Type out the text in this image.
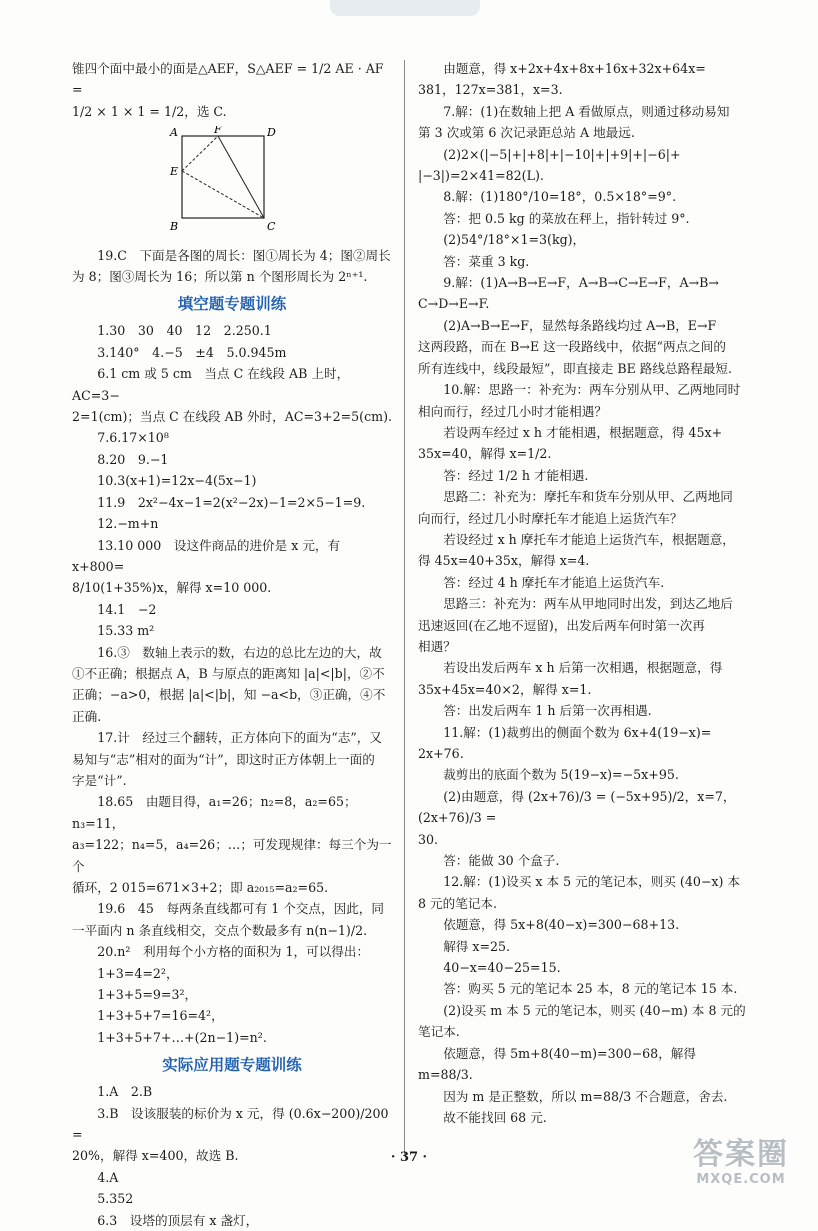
锥四个面中最小的面是△AEF，S△AEF = 1/2 AE · AF =

1/2 × 1 × 1 = 1/2，选 C.

A	F	D
E
B	C

19.C　下面是各图的周长：图①周长为 4；图②周长

为 8；图③周长为 16；所以第 n 个图形周长为 2ⁿ⁺¹.

填空题专题训练

1.30　30　40　12　2.250.1

3.140°　4.−5　±4　5.0.945m

6.1 cm 或 5 cm　当点 C 在线段 AB 上时，AC=3−

2=1(cm)；当点 C 在线段 AB 外时，AC=3+2=5(cm).

7.6.17×10⁸

8.20　9.−1

10.3(x+1)=12x−4(5x−1)

11.9　2x²−4x−1=2(x²−2x)−1=2×5−1=9.

12.−m+n

13.10 000　设这件商品的进价是 x 元，有 x+800=

8/10(1+35%)x，解得 x=10 000.

14.1　−2

15.33 m²

16.③　数轴上表示的数，右边的总比左边的大，故

①不正确；根据点 A，B 与原点的距离知 |a|<|b|，②不

正确；−a>0，根据 |a|<|b|，知 −a<b，③正确，④不

正确.

17.计　经过三个翻转，正方体向下的面为“志”，又

易知与“志”相对的面为“计”，即这时正方体朝上一面的

字是“计”.

18.65　由题目得，a₁=26；n₂=8，a₂=65；n₃=11，

a₃=122；n₄=5，a₄=26；…；可发现规律：每三个为一个

循环，2 015=671×3+2；即 a₂₀₁₅=a₂=65.

19.6　45　每两条直线都可有 1 个交点，因此，同

一平面内 n 条直线相交，交点个数最多有 n(n−1)/2.

20.n²　利用每个小方格的面积为 1，可以得出：

1+3=4=2²，

1+3+5=9=3²，

1+3+5+7=16=4²，

1+3+5+7+…+(2n−1)=n².

实际应用题专题训练

1.A　2.B

3.B　设该服装的标价为 x 元，得 (0.6x−200)/200 =

20%，解得 x=400，故选 B.

4.A

5.352

6.3　设塔的顶层有 x 盏灯，

由题意，得 x+2x+4x+8x+16x+32x+64x=

381，127x=381，x=3.

7.解：(1)在数轴上把 A 看做原点，则通过移动易知

第 3 次或第 6 次记录距总站 A 地最远.

(2)2×(|−5|+|+8|+|−10|+|+9|+|−6|+

|−3|)=2×41=82(L).

8.解：(1)180°/10=18°，0.5×18°=9°.

答：把 0.5 kg 的菜放在秤上，指针转过 9°.

(2)54°/18°×1=3(kg)，

答：菜重 3 kg.

9.解：(1)A→B→E→F，A→B→C→E→F，A→B→

C→D→E→F.

(2)A→B→E→F，显然每条路线均过 A→B，E→F

这两段路，而在 B→E 这一段路线中，依据“两点之间的

所有连线中，线段最短”，即直接走 BE 路线总路程最短.

10.解：思路一：补充为：两车分别从甲、乙两地同时

相向而行，经过几小时才能相遇？

若设两车经过 x h 才能相遇，根据题意，得 45x+

35x=40，解得 x=1/2.

答：经过 1/2 h 才能相遇.

思路二：补充为：摩托车和货车分别从甲、乙两地同

向而行，经过几小时摩托车才能追上运货汽车？

若设经过 x h 摩托车才能追上运货汽车，根据题意，

得 45x=40+35x，解得 x=4.

答：经过 4 h 摩托车才能追上运货汽车.

思路三：补充为：两车从甲地同时出发，到达乙地后

迅速返回(在乙地不逗留)，出发后两车何时第一次再

相遇？

若设出发后两车 x h 后第一次相遇，根据题意，得

35x+45x=40×2，解得 x=1.

答：出发后两车 1 h 后第一次再相遇.

11.解：(1)裁剪出的侧面个数为 6x+4(19−x)=

2x+76.

裁剪出的底面个数为 5(19−x)=−5x+95.

(2)由题意，得 (2x+76)/3 = (−5x+95)/2，x=7，(2x+76)/3 =

30.

答：能做 30 个盒子.

12.解：(1)设买 x 本 5 元的笔记本，则买 (40−x) 本

8 元的笔记本.

依题意，得 5x+8(40−x)=300−68+13.

解得 x=25.

40−x=40−25=15.

答：购买 5 元的笔记本 25 本，8 元的笔记本 15 本.

(2)设买 m 本 5 元的笔记本，则买 (40−m) 本 8 元的

笔记本.

依题意，得 5m+8(40−m)=300−68，解得 m=88/3.

因为 m 是正整数，所以 m=88/3 不合题意，舍去.

故不能找回 68 元.

· 37 ·	答案圈
MXQE.COM
